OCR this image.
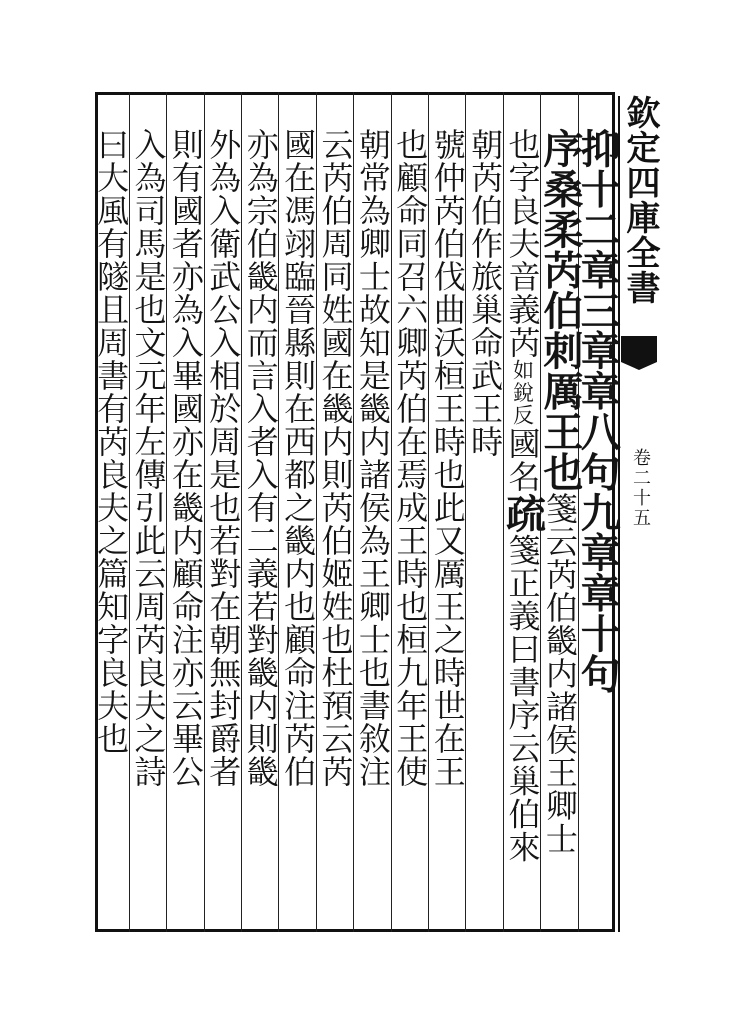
欽定四庫全書
卷二十五
抑十二章三章章八句九章章十句
序桑柔芮伯刺厲王也箋云芮伯畿内諸侯王卿士
也字良夫音義芮如銳反國名疏箋正義曰書序云巢伯來
朝芮伯作旅巢命武王時
號仲芮伯伐曲沃桓王時也此又厲王之時世在王
也顧命同召六卿芮伯在焉成王時也桓九年王使
朝常為卿士故知是畿内諸侯為王卿士也書敘注
云芮伯周同姓國在畿内則芮伯姬姓也杜預云芮
國在馮翊臨晉縣則在西都之畿内也顧命注芮伯
亦為宗伯畿内而言入者入有二義若對畿内則畿
外為入衛武公入相於周是也若對在朝無封爵者
則有國者亦為入畢國亦在畿内顧命注亦云畢公
入為司馬是也文元年左傳引此云周芮良夫之詩
曰大風有隧且周書有芮良夫之篇知字良夫也
